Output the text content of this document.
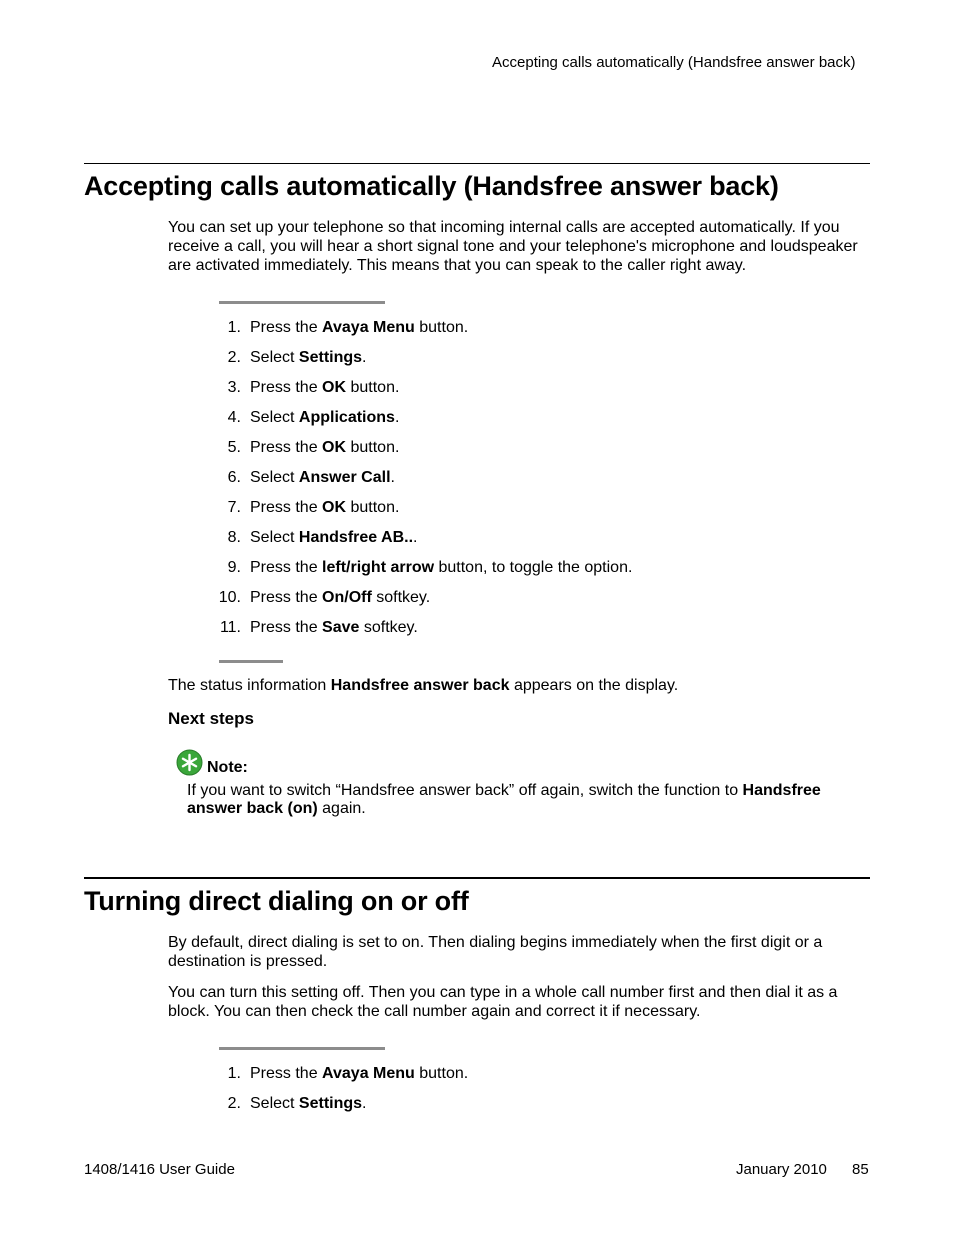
Accepting calls automatically (Handsfree answer back)
Accepting calls automatically (Handsfree answer back)
You can set up your telephone so that incoming internal calls are accepted automatically. If you receive a call, you will hear a short signal tone and your telephone's microphone and loudspeaker are activated immediately. This means that you can speak to the caller right away.
1. Press the Avaya Menu button.
2. Select Settings.
3. Press the OK button.
4. Select Applications.
5. Press the OK button.
6. Select Answer Call.
7. Press the OK button.
8. Select Handsfree AB...
9. Press the left/right arrow button, to toggle the option.
10. Press the On/Off softkey.
11. Press the Save softkey.
The status information Handsfree answer back appears on the display.
Next steps
Note:
If you want to switch “Handsfree answer back” off again, switch the function to Handsfree answer back (on) again.
Turning direct dialing on or off
By default, direct dialing is set to on. Then dialing begins immediately when the first digit or a destination is pressed.
You can turn this setting off. Then you can type in a whole call number first and then dial it as a block. You can then check the call number again and correct it if necessary.
1. Press the Avaya Menu button.
2. Select Settings.
1408/1416 User Guide	January 2010 85
